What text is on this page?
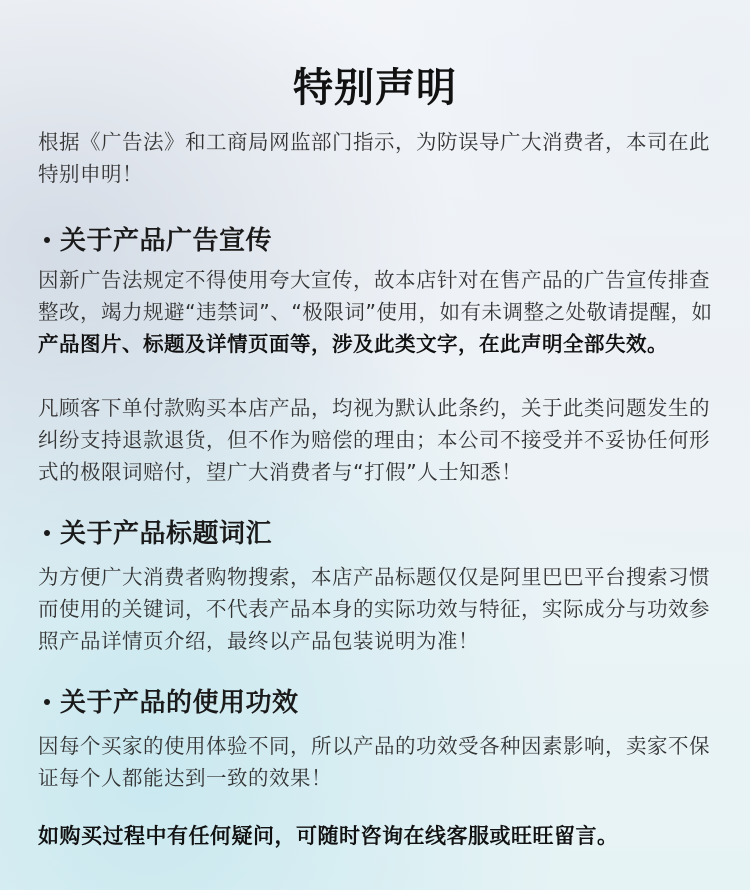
特别声明
根据《广告法》和工商局网监部门指示，为防误导广大消费者，本司在此特别申明！
关于产品广告宣传
因新广告法规定不得使用夸大宣传，故本店针对在售产品的广告宣传排查整改，竭力规避“违禁词”、“极限词”使用，如有未调整之处敬请提醒，如产品图片、标题及详情页面等，涉及此类文字，在此声明全部失效。
凡顾客下单付款购买本店产品，均视为默认此条约，关于此类问题发生的纠纷支持退款退货，但不作为赔偿的理由；本公司不接受并不妥协任何形式的极限词赔付，望广大消费者与“打假”人士知悉！
关于产品标题词汇
为方便广大消费者购物搜索，本店产品标题仅仅是阿里巴巴平台搜索习惯而使用的关键词，不代表产品本身的实际功效与特征，实际成分与功效参照产品详情页介绍，最终以产品包装说明为准！
关于产品的使用功效
因每个买家的使用体验不同，所以产品的功效受各种因素影响，卖家不保证每个人都能达到一致的效果！
如购买过程中有任何疑问，可随时咨询在线客服或旺旺留言。
